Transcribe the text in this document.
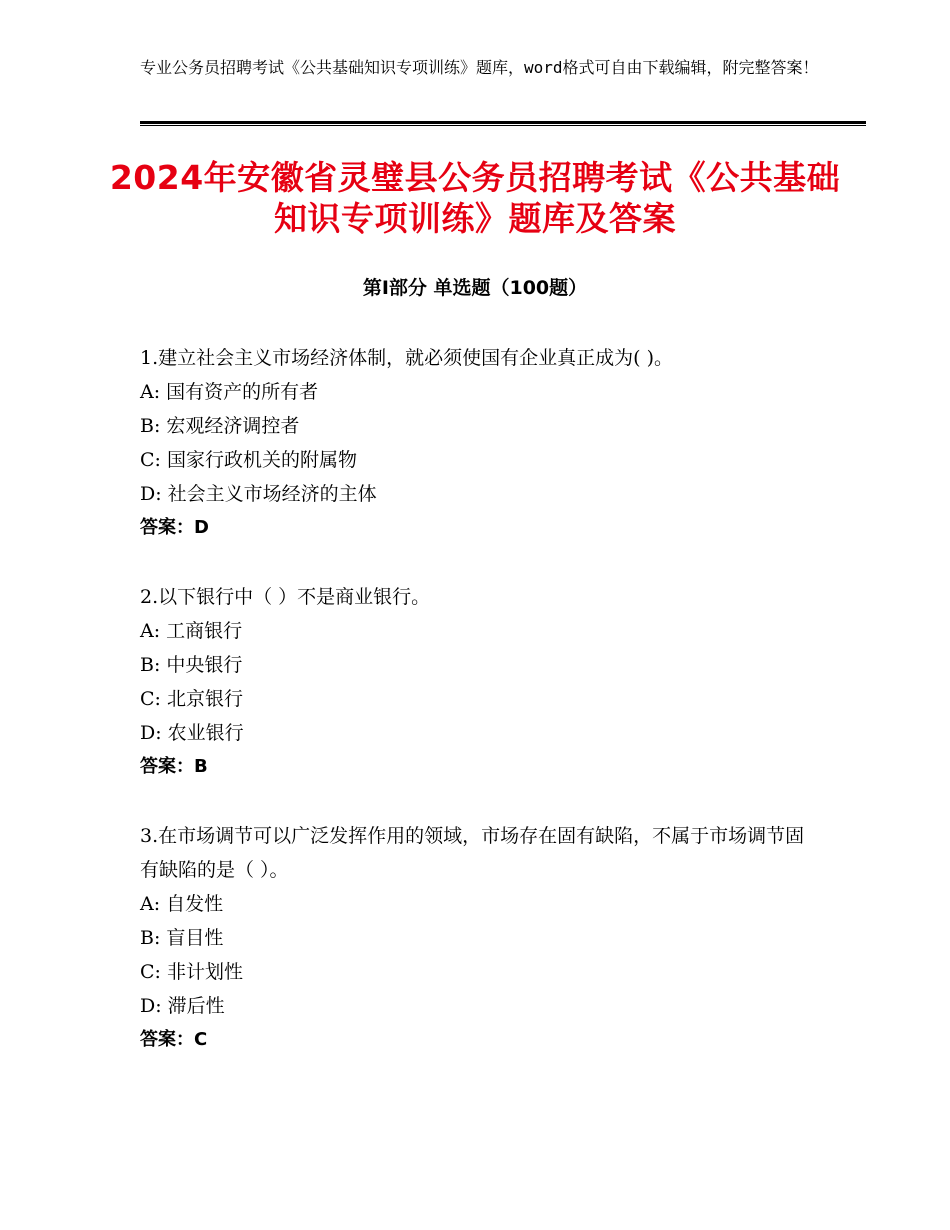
专业公务员招聘考试《公共基础知识专项训练》题库，word格式可自由下载编辑，附完整答案！
2024年安徽省灵璧县公务员招聘考试《公共基础知识专项训练》题库及答案
第Ⅰ部分 单选题（100题）

1.建立社会主义市场经济体制，就必须使国有企业真正成为( )。

A: 国有资产的所有者

B: 宏观经济调控者

C: 国家行政机关的附属物

D: 社会主义市场经济的主体

答案：D

2.以下银行中（ ）不是商业银行。

A: 工商银行

B: 中央银行

C: 北京银行

D: 农业银行

答案：B

3.在市场调节可以广泛发挥作用的领域，市场存在固有缺陷，不属于市场调节固有缺陷的是（ ）。

A: 自发性

B: 盲目性

C: 非计划性

D: 滞后性

答案：C
